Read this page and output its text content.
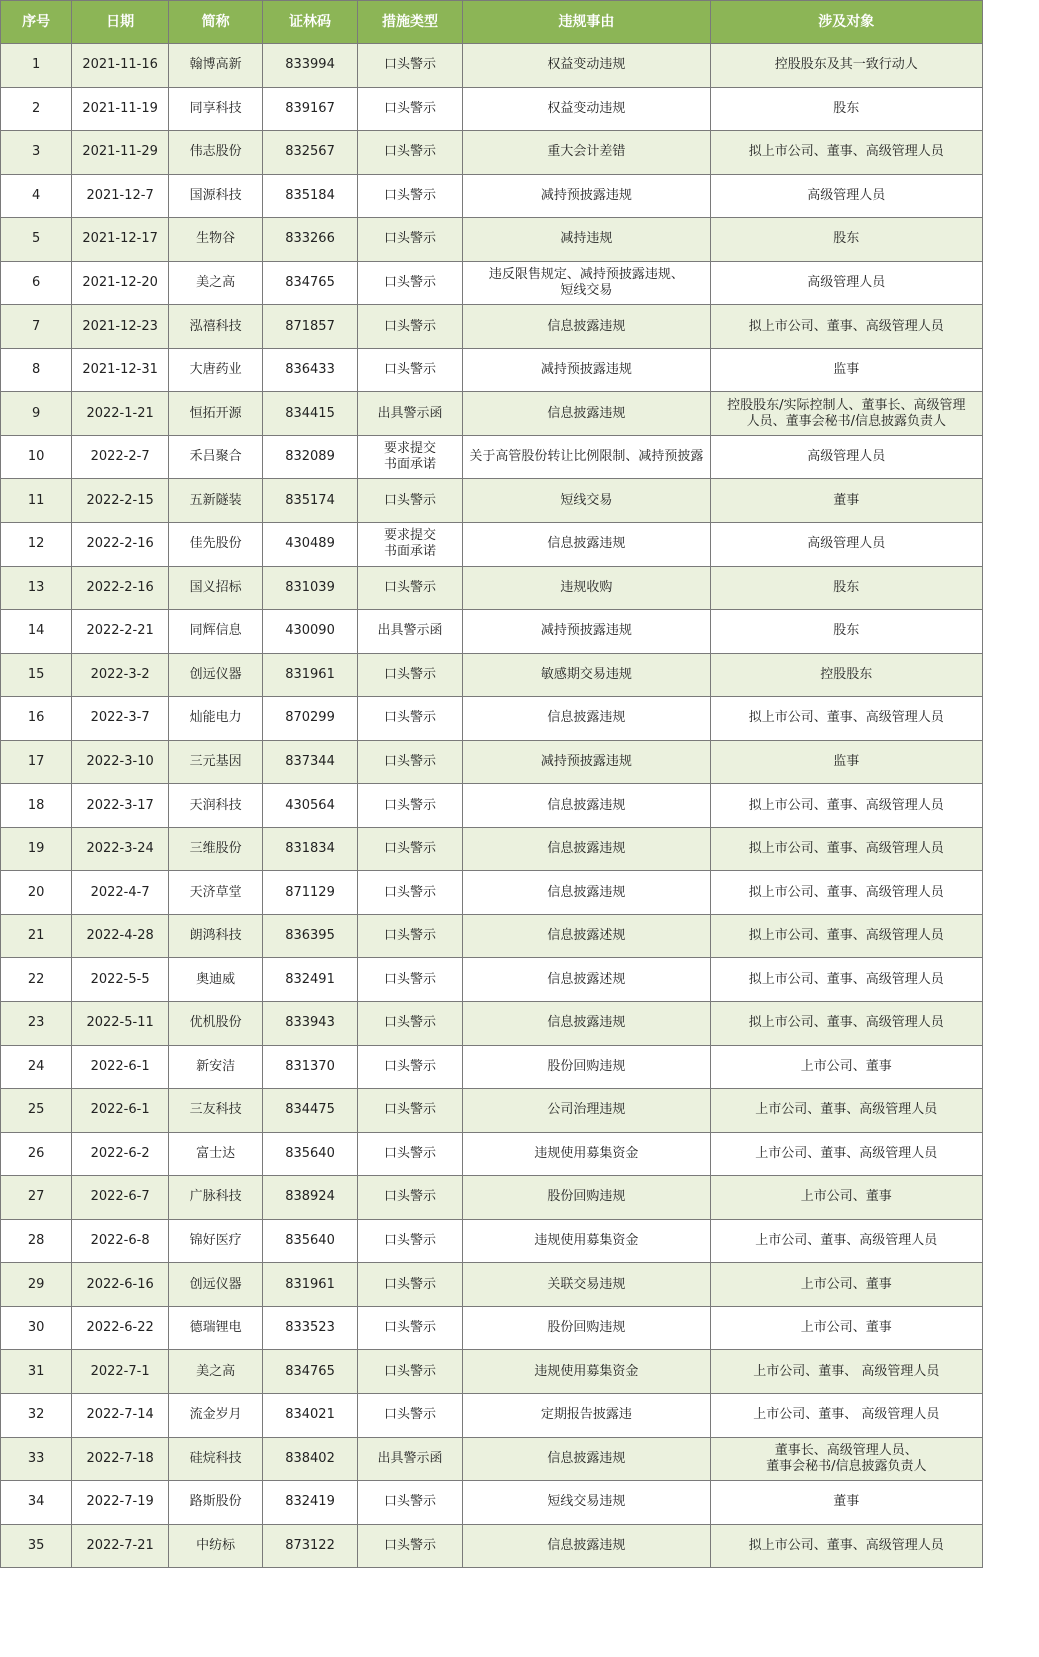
序号	日期	简称	证林码	措施类型	违规事由	涉及对象
1	2021-11-16	翰博高新	833994	口头警示	权益变动违规	控股股东及其一致行动人
2	2021-11-19	同享科技	839167	口头警示	权益变动违规	股东
3	2021-11-29	伟志股份	832567	口头警示	重大会计差错	拟上市公司、董事、高级管理人员
4	2021-12-7	国源科技	835184	口头警示	减持预披露违规	高级管理人员
5	2021-12-17	生物谷	833266	口头警示	减持违规	股东
6	2021-12-20	美之高	834765	口头警示	违反限售规定、减持预披露违规、
短线交易	高级管理人员
7	2021-12-23	泓禧科技	871857	口头警示	信息披露违规	拟上市公司、董事、高级管理人员
8	2021-12-31	大唐药业	836433	口头警示	减持预披露违规	监事
9	2022-1-21	恒拓开源	834415	出具警示函	信息披露违规	控股股东/实际控制人、董事长、高级管理
人员、董事会秘书/信息披露负责人
10	2022-2-7	禾吕聚合	832089	要求提交
书面承诺	关于高管股份转让比例限制、减持预披露	高级管理人员
11	2022-2-15	五新隧装	835174	口头警示	短线交易	董事
12	2022-2-16	佳先股份	430489	要求提交
书面承诺	信息披露违规	高级管理人员
13	2022-2-16	国义招标	831039	口头警示	违规收购	股东
14	2022-2-21	同辉信息	430090	出具警示函	减持预披露违规	股东
15	2022-3-2	创远仪器	831961	口头警示	敏感期交易违规	控股股东
16	2022-3-7	灿能电力	870299	口头警示	信息披露违规	拟上市公司、董事、高级管理人员
17	2022-3-10	三元基因	837344	口头警示	减持预披露违规	监事
18	2022-3-17	天润科技	430564	口头警示	信息披露违规	拟上市公司、董事、高级管理人员
19	2022-3-24	三维股份	831834	口头警示	信息披露违规	拟上市公司、董事、高级管理人员
20	2022-4-7	天济草堂	871129	口头警示	信息披露违规	拟上市公司、董事、高级管理人员
21	2022-4-28	朗鸿科技	836395	口头警示	信息披露述规	拟上市公司、董事、高级管理人员
22	2022-5-5	奥迪威	832491	口头警示	信息披露述规	拟上市公司、董事、高级管理人员
23	2022-5-11	优机股份	833943	口头警示	信息披露违规	拟上市公司、董事、高级管理人员
24	2022-6-1	新安洁	831370	口头警示	股份回购违规	上市公司、董事
25	2022-6-1	三友科技	834475	口头警示	公司治理违规	上市公司、董事、高级管理人员
26	2022-6-2	富士达	835640	口头警示	违规使用募集资金	上市公司、董事、高级管理人员
27	2022-6-7	广脉科技	838924	口头警示	股份回购违规	上市公司、董事
28	2022-6-8	锦好医疗	835640	口头警示	违规使用募集资金	上市公司、董事、高级管理人员
29	2022-6-16	创远仪器	831961	口头警示	关联交易违规	上市公司、董事
30	2022-6-22	德瑞锂电	833523	口头警示	股份回购违规	上市公司、董事
31	2022-7-1	美之高	834765	口头警示	违规使用募集资金	上市公司、董事、 高级管理人员
32	2022-7-14	流金岁月	834021	口头警示	定期报告披露违	上市公司、董事、 高级管理人员
33	2022-7-18	硅烷科技	838402	出具警示函	信息披露违规	董事长、高级管理人员、
董事会秘书/信息披露负责人
34	2022-7-19	路斯股份	832419	口头警示	短线交易违规	董事
35	2022-7-21	中纺标	873122	口头警示	信息披露违规	拟上市公司、董事、高级管理人员
